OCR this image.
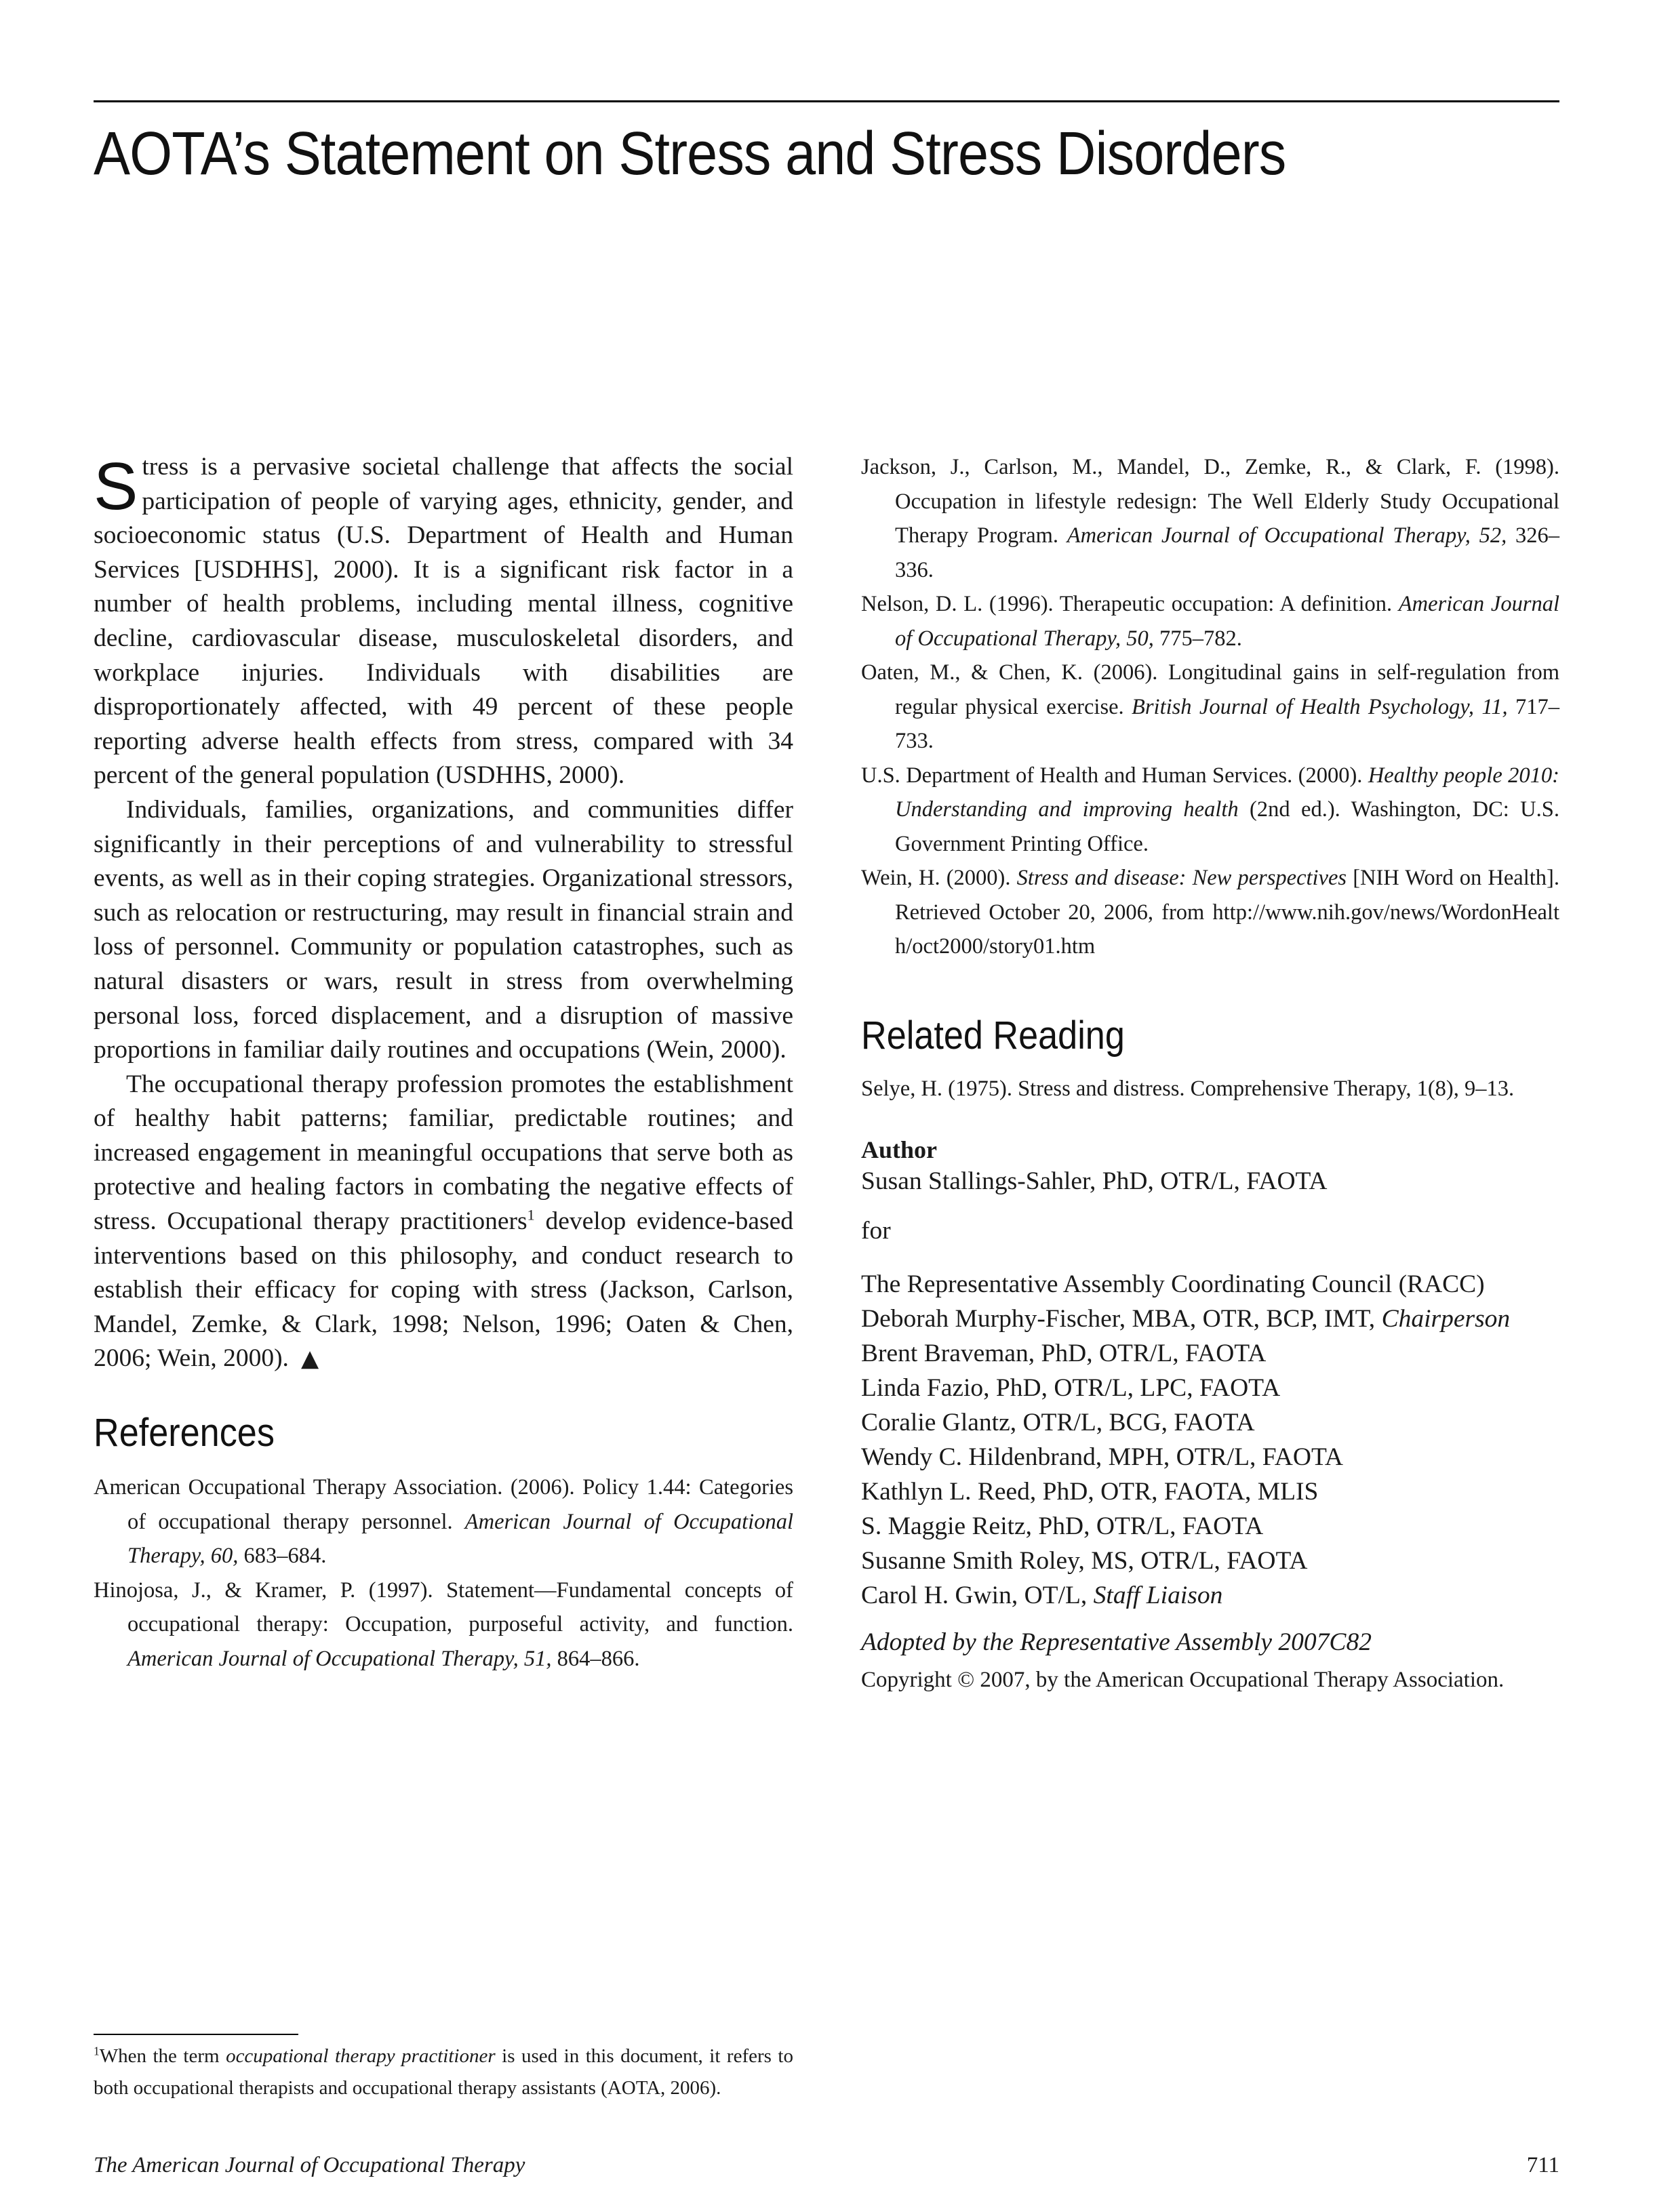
AOTA’s Statement on Stress and Stress Disorders

Stress is a pervasive societal challenge that affects the social participation of people of varying ages, ethnicity, gender, and socioeconomic status (U.S. Department of Health and Human Services [USDHHS], 2000). It is a significant risk factor in a number of health problems, including mental illness, cognitive decline, cardiovascular disease, musculoskeletal disorders, and workplace injuries. Individuals with disabilities are disproportionately affected, with 49 percent of these people reporting adverse health effects from stress, compared with 34 percent of the general population (USDHHS, 2000).

Individuals, families, organizations, and communities differ significantly in their perceptions of and vulnerability to stressful events, as well as in their coping strategies. Organizational stressors, such as relocation or restructuring, may result in financial strain and loss of personnel. Community or population catastrophes, such as natural disasters or wars, result in stress from overwhelming personal loss, forced displacement, and a disruption of massive proportions in familiar daily routines and occupations (Wein, 2000).

The occupational therapy profession promotes the establishment of healthy habit patterns; familiar, predictable routines; and increased engagement in meaningful occupations that serve both as protective and healing factors in combating the negative effects of stress. Occupational therapy practitioners$^1$ develop evidence-based interventions based on this philosophy, and conduct research to establish their efficacy for coping with stress (Jackson, Carlson, Mandel, Zemke, & Clark, 1998; Nelson, 1996; Oaten & Chen, 2006; Wein, 2000). ▲

References
American Occupational Therapy Association. (2006). Policy 1.44: Categories of occupational therapy personnel. American Journal of Occupational Therapy, 60, 683–684.
Hinojosa, J., & Kramer, P. (1997). Statement—Fundamental concepts of occupational therapy: Occupation, purposeful activity, and function. American Journal of Occupational Therapy, 51, 864–866.
Jackson, J., Carlson, M., Mandel, D., Zemke, R., & Clark, F. (1998). Occupation in lifestyle redesign: The Well Elderly Study Occupational Therapy Program. American Journal of Occupational Therapy, 52, 326–336.
Nelson, D. L. (1996). Therapeutic occupation: A definition. American Journal of Occupational Therapy, 50, 775–782.
Oaten, M., & Chen, K. (2006). Longitudinal gains in self-regulation from regular physical exercise. British Journal of Health Psychology, 11, 717–733.
U.S. Department of Health and Human Services. (2000). Healthy people 2010: Understanding and improving health (2nd ed.). Washington, DC: U.S. Government Printing Office.
Wein, H. (2000). Stress and disease: New perspectives [NIH Word on Health]. Retrieved October 20, 2006, from http://www.nih.gov/news/WordonHealth/oct2000/story01.htm
Related Reading

Selye, H. (1975). Stress and distress. Comprehensive Therapy, 1(8), 9–13.

Author

Susan Stallings-Sahler, PhD, OTR/L, FAOTA

for

The Representative Assembly Coordinating Council (RACC)

Deborah Murphy-Fischer, MBA, OTR, BCP, IMT, Chairperson

Brent Braveman, PhD, OTR/L, FAOTA

Linda Fazio, PhD, OTR/L, LPC, FAOTA

Coralie Glantz, OTR/L, BCG, FAOTA

Wendy C. Hildenbrand, MPH, OTR/L, FAOTA

Kathlyn L. Reed, PhD, OTR, FAOTA, MLIS

S. Maggie Reitz, PhD, OTR/L, FAOTA

Susanne Smith Roley, MS, OTR/L, FAOTA

Carol H. Gwin, OT/L, Staff Liaison

Adopted by the Representative Assembly 2007C82

Copyright © 2007, by the American Occupational Therapy Association.

$^1$When the term occupational therapy practitioner is used in this document, it refers to both occupational therapists and occupational therapy assistants (AOTA, 2006).

The American Journal of Occupational Therapy	711
